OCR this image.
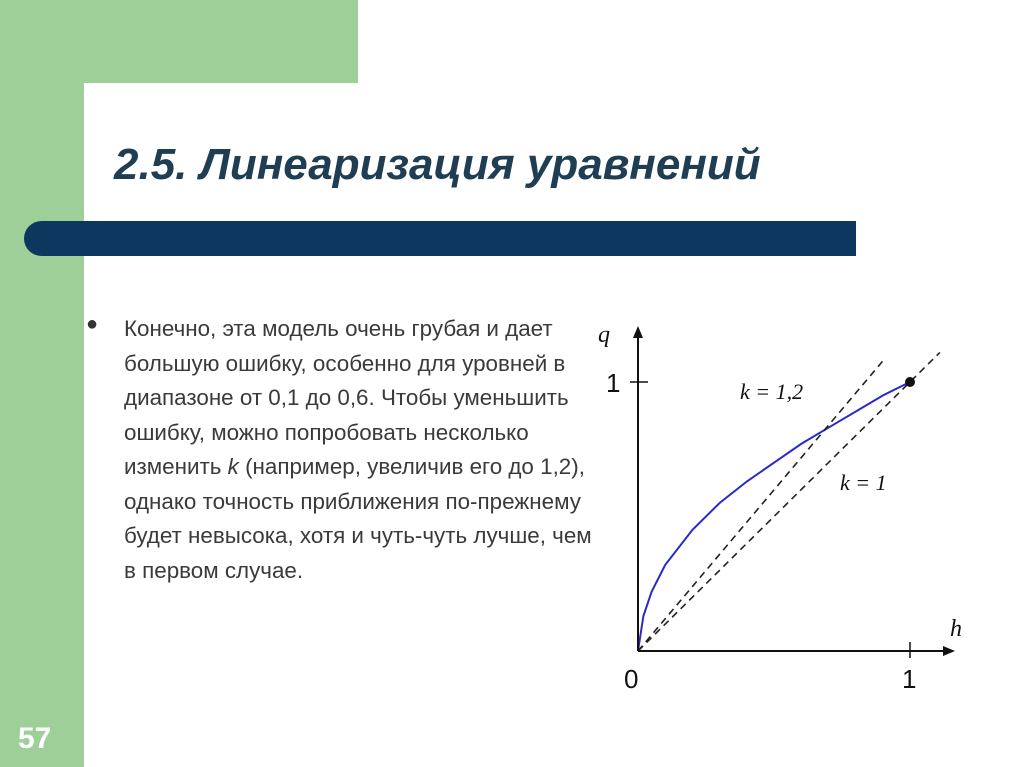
2.5. Линеаризация уравнений
● Конечно, эта модель очень грубая и дает большую ошибку, особенно для уровней в диапазоне от 0,1 до 0,6. Чтобы уменьшить ошибку, можно попробовать несколько изменить k (например, увеличив его до 1,2), однако точность приближения по-прежнему будет невысока, хотя и чуть-чуть лучше, чем в первом случае.

57
h
q
0	1
1	k = 1,2
k = 1
